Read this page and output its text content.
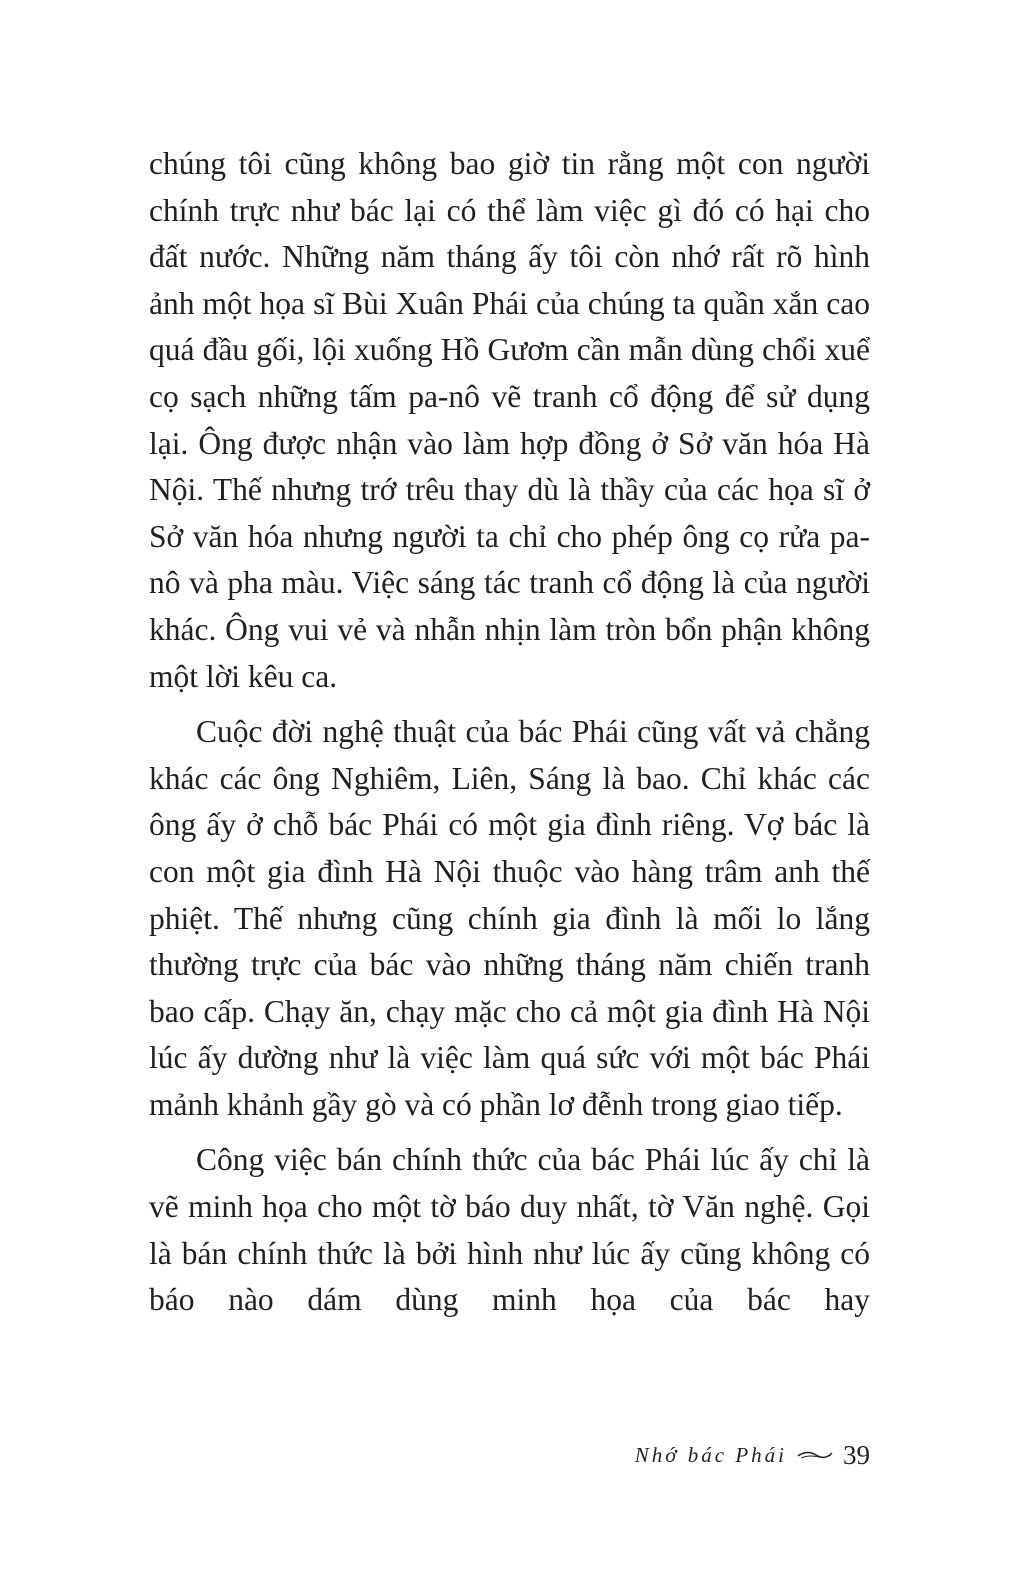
chúng tôi cũng không bao giờ tin rằng một con người chính trực như bác lại có thể làm việc gì đó có hại cho đất nước. Những năm tháng ấy tôi còn nhớ rất rõ hình ảnh một họa sĩ Bùi Xuân Phái của chúng ta quần xắn cao quá đầu gối, lội xuống Hồ Gươm cần mẫn dùng chổi xuể cọ sạch những tấm pa-nô vẽ tranh cổ động để sử dụng lại. Ông được nhận vào làm hợp đồng ở Sở văn hóa Hà Nội. Thế nhưng trớ trêu thay dù là thầy của các họa sĩ ở Sở văn hóa nhưng người ta chỉ cho phép ông cọ rửa pa-nô và pha màu. Việc sáng tác tranh cổ động là của người khác. Ông vui vẻ và nhẫn nhịn làm tròn bổn phận không một lời kêu ca.

Cuộc đời nghệ thuật của bác Phái cũng vất vả chẳng khác các ông Nghiêm, Liên, Sáng là bao. Chỉ khác các ông ấy ở chỗ bác Phái có một gia đình riêng. Vợ bác là con một gia đình Hà Nội thuộc vào hàng trâm anh thế phiệt. Thế nhưng cũng chính gia đình là mối lo lắng thường trực của bác vào những tháng năm chiến tranh bao cấp. Chạy ăn, chạy mặc cho cả một gia đình Hà Nội lúc ấy dường như là việc làm quá sức với một bác Phái mảnh khảnh gầy gò và có phần lơ đễnh trong giao tiếp.

Công việc bán chính thức của bác Phái lúc ấy chỉ là vẽ minh họa cho một tờ báo duy nhất, tờ Văn nghệ. Gọi là bán chính thức là bởi hình như lúc ấy cũng không có báo nào dám dùng minh họa của bác hay

Nhớ bác Phái 39
